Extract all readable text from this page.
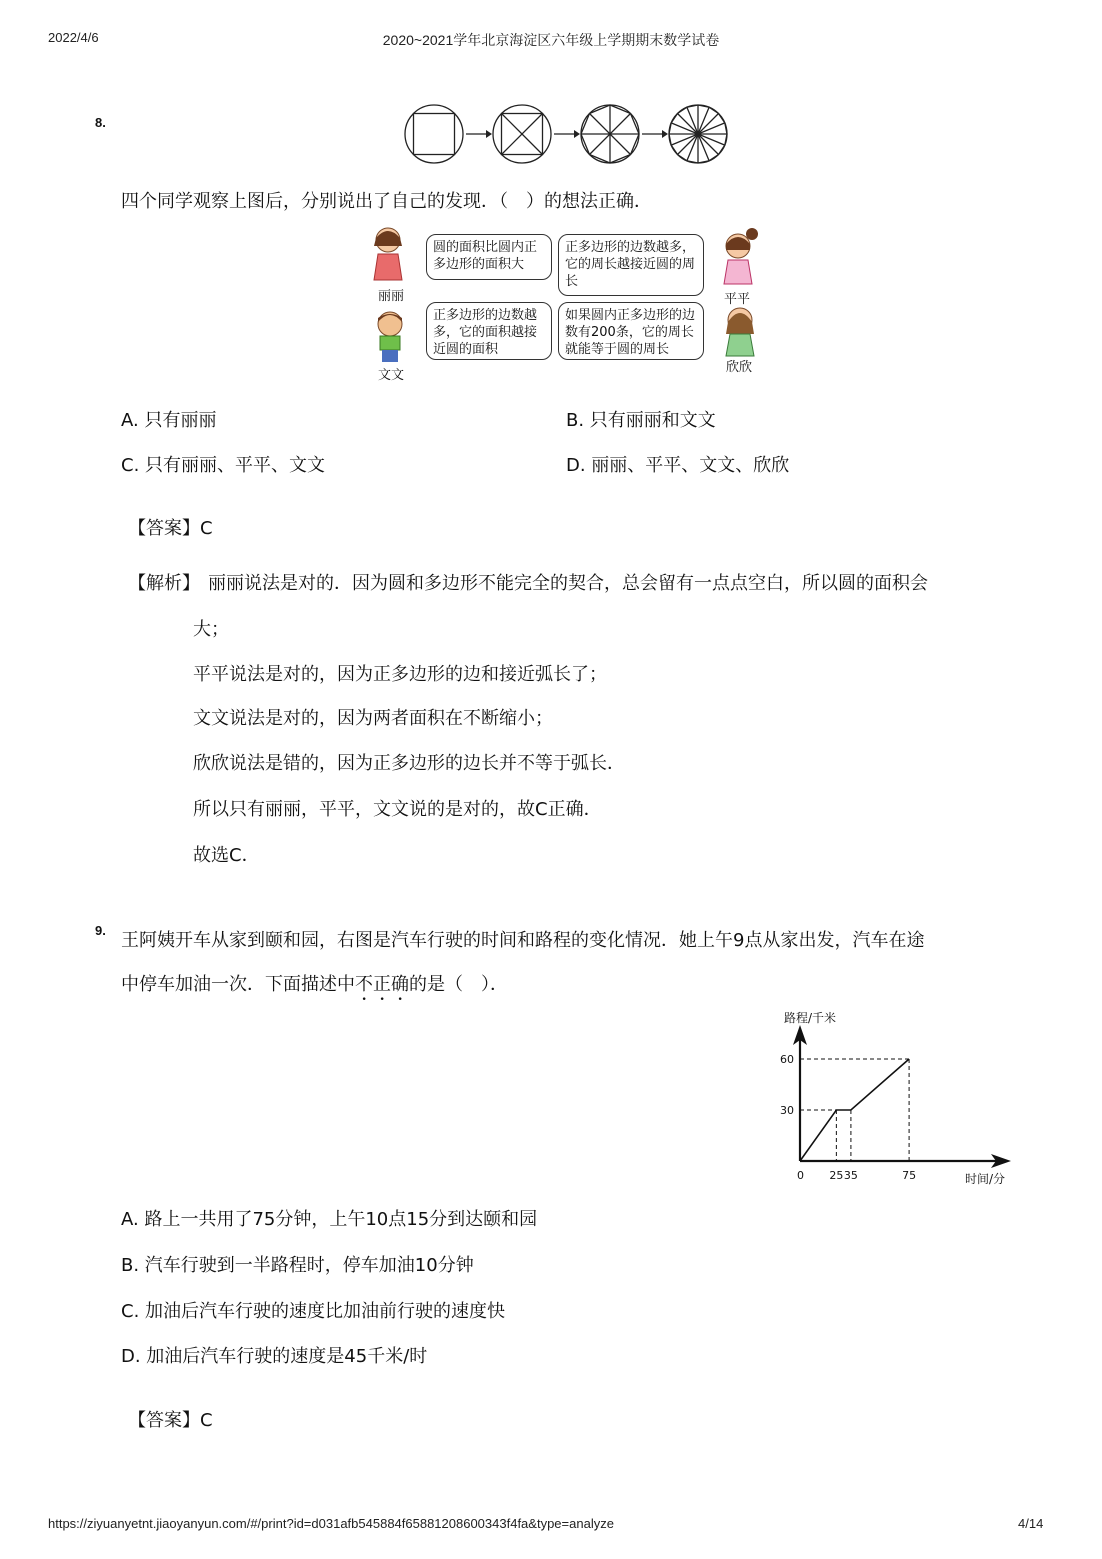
2022/4/6	2020~2021学年北京海淀区六年级上学期期末数学试卷
8.
四个同学观察上图后，分别说出了自己的发现．（　）的想法正确．
丽丽
圆的面积比圆内正多边形的面积大
正多边形的边数越多，它的周长越接近圆的周长
平平
文文
正多边形的边数越多，它的面积越接近圆的面积
如果圆内正多边形的边数有200条，它的周长就能等于圆的周长
欣欣
A. 只有丽丽	B. 只有丽丽和文文
C. 只有丽丽、平平、文文	D. 丽丽、平平、文文、欣欣
【答案】C
【解析】 丽丽说法是对的．因为圆和多边形不能完全的契合，总会留有一点点空白，所以圆的面积会
大；
平平说法是对的，因为正多边形的边和接近弧长了；
文文说法是对的，因为两者面积在不断缩小；
欣欣说法是错的，因为正多边形的边长并不等于弧长．
所以只有丽丽，平平，文文说的是对的，故C正确．
故选C．
9. 王阿姨开车从家到颐和园，右图是汽车行驶的时间和路程的变化情况．她上午9点从家出发，汽车在途
中停车加油一次．下面描述中不正确的是（　）．
路程/千米
时间/分
0 25 35	75
30
60
A. 路上一共用了75分钟，上午10点15分到达颐和园
B. 汽车行驶到一半路程时，停车加油10分钟
C. 加油后汽车行驶的速度比加油前行驶的速度快
D. 加油后汽车行驶的速度是45千米/时
【答案】C
https://ziyuanyetnt.jiaoyanyun.com/#/print?id=d031afb545884f65881208600343f4fa&type=analyze	4/14
